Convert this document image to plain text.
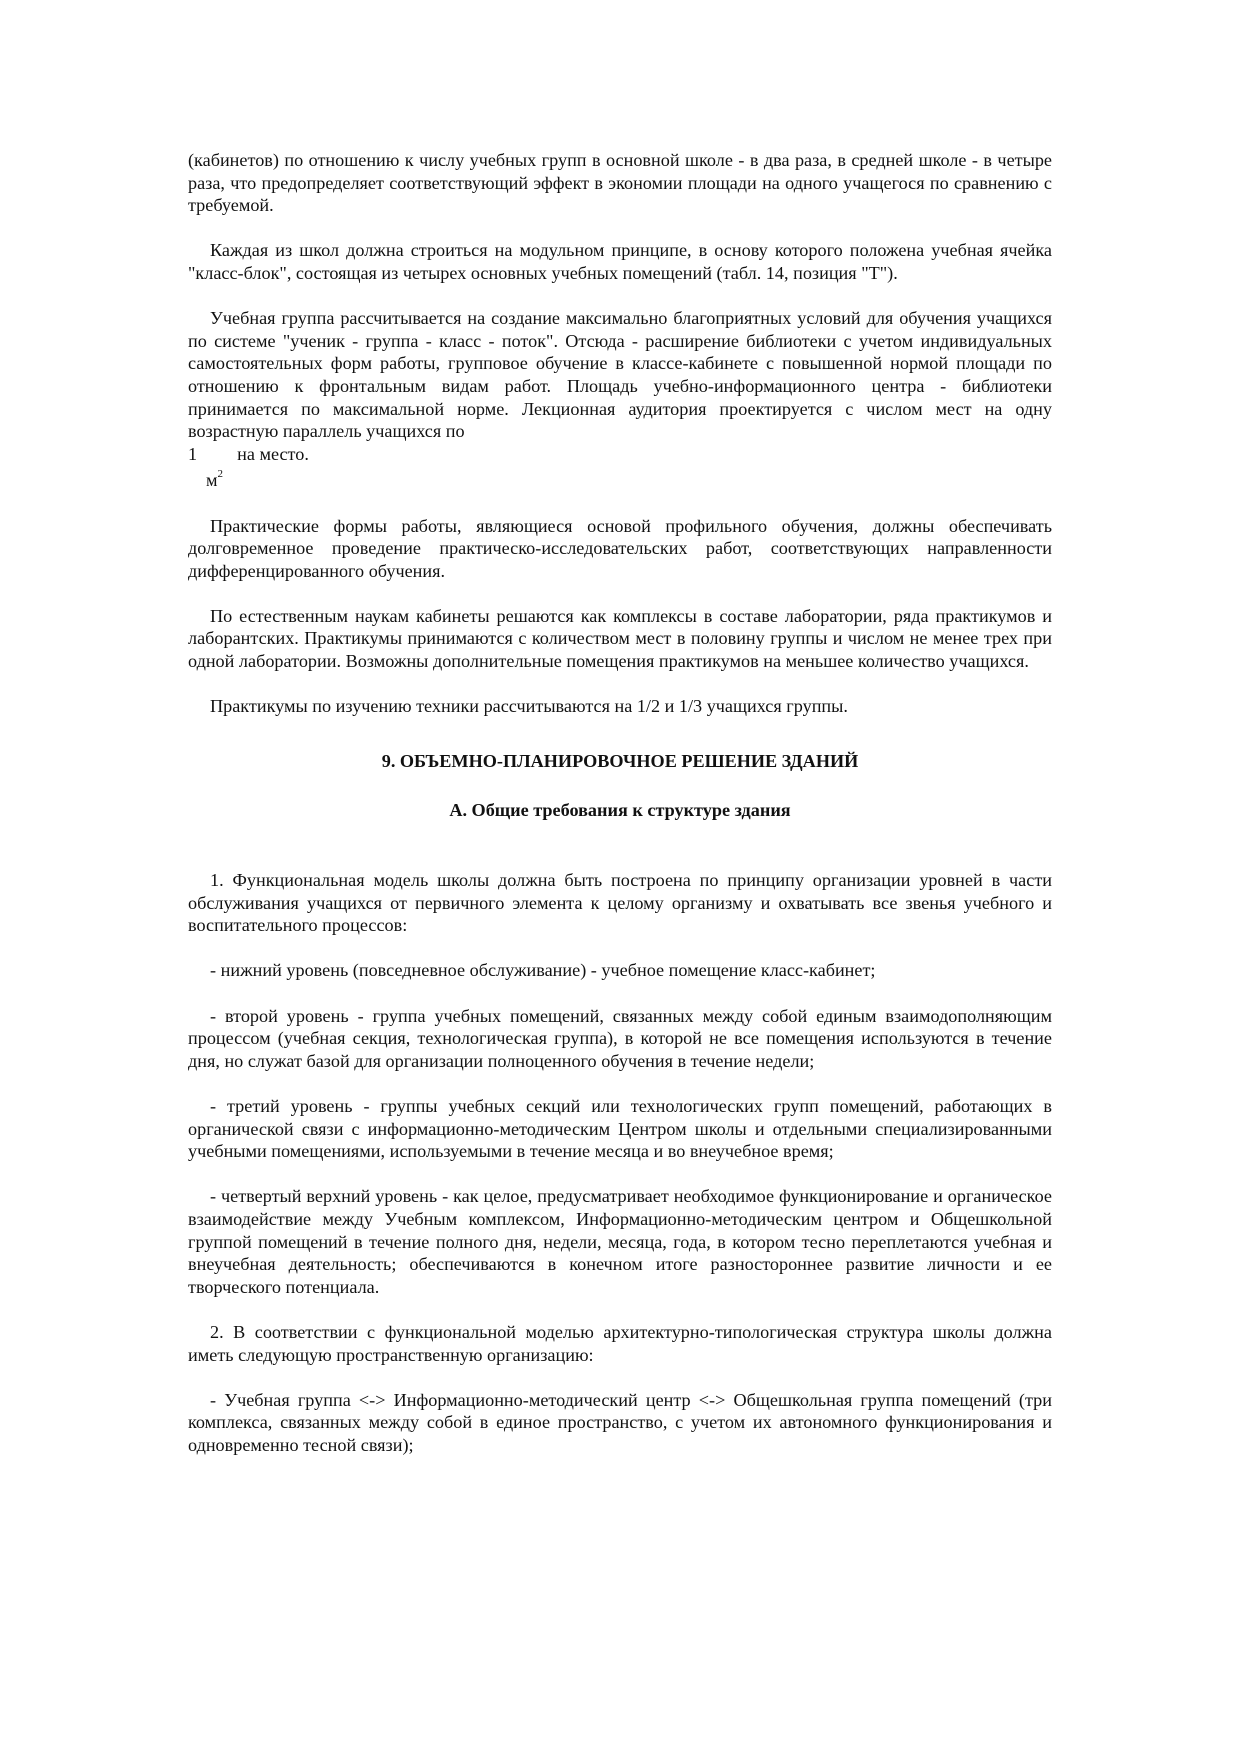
(кабинетов) по отношению к числу учебных групп в основной школе - в два раза, в средней школе - в четыре раза, что предопределяет соответствующий эффект в экономии площади на одного учащегося по сравнению с требуемой.

Каждая из школ должна строиться на модульном принципе, в основу которого положена учебная ячейка "класс-блок", состоящая из четырех основных учебных помещений (табл. 14, позиция "Т").

Учебная группа рассчитывается на создание максимально благоприятных условий для обучения учащихся по системе "ученик - группа - класс - поток". Отсюда - расширение библиотеки с учетом индивидуальных самостоятельных форм работы, групповое обучение в классе-кабинете с повышенной нормой площади по отношению к фронтальным видам работ. Площадь учебно-информационного центра - библиотеки принимается по максимальной норме. Лекционная аудитория проектируется с числом мест на одну возрастную параллель учащихся по

1 на место.
$м^2$

Практические формы работы, являющиеся основой профильного обучения, должны обеспечивать долговременное проведение практическо-исследовательских работ, соответствующих направленности дифференцированного обучения.

По естественным наукам кабинеты решаются как комплексы в составе лаборатории, ряда практикумов и лаборантских. Практикумы принимаются с количеством мест в половину группы и числом не менее трех при одной лаборатории. Возможны дополнительные помещения практикумов на меньшее количество учащихся.

Практикумы по изучению техники рассчитываются на 1/2 и 1/3 учащихся группы.

9. ОБЪЕМНО-ПЛАНИРОВОЧНОЕ РЕШЕНИЕ ЗДАНИЙ
А. Общие требования к структуре здания

1. Функциональная модель школы должна быть построена по принципу организации уровней в части обслуживания учащихся от первичного элемента к целому организму и охватывать все звенья учебного и воспитательного процессов:

- нижний уровень (повседневное обслуживание) - учебное помещение класс-кабинет;

- второй уровень - группа учебных помещений, связанных между собой единым взаимодополняющим процессом (учебная секция, технологическая группа), в которой не все помещения используются в течение дня, но служат базой для организации полноценного обучения в течение недели;

- третий уровень - группы учебных секций или технологических групп помещений, работающих в органической связи с информационно-методическим Центром школы и отдельными специализированными учебными помещениями, используемыми в течение месяца и во внеучебное время;

- четвертый верхний уровень - как целое, предусматривает необходимое функционирование и органическое взаимодействие между Учебным комплексом, Информационно-методическим центром и Общешкольной группой помещений в течение полного дня, недели, месяца, года, в котором тесно переплетаются учебная и внеучебная деятельность; обеспечиваются в конечном итоге разностороннее развитие личности и ее творческого потенциала.

2. В соответствии с функциональной моделью архитектурно-типологическая структура школы должна иметь следующую пространственную организацию:

- Учебная группа <-> Информационно-методический центр <-> Общешкольная группа помещений (три комплекса, связанных между собой в единое пространство, с учетом их автономного функционирования и одновременно тесной связи);
